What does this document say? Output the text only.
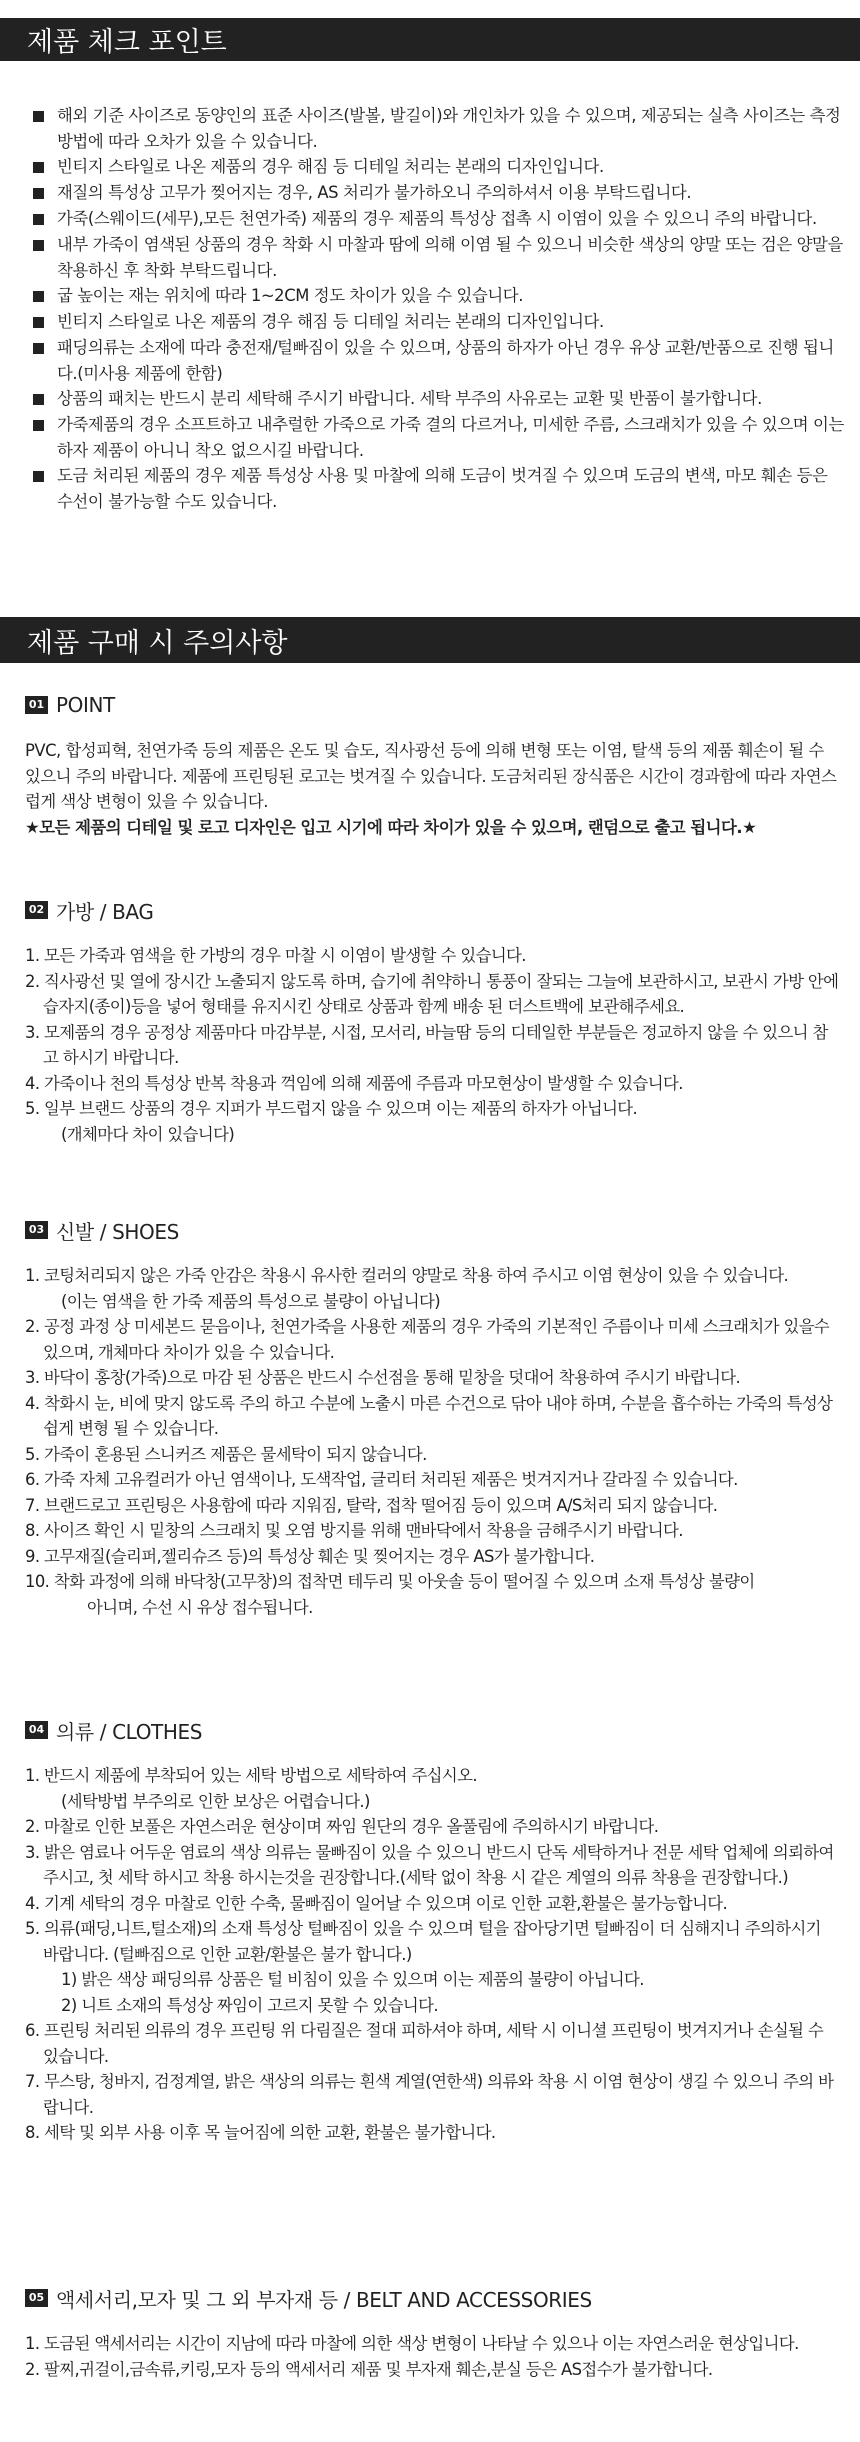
제품 체크 포인트
해외 기준 사이즈로 동양인의 표준 사이즈(발볼, 발길이)와 개인차가 있을 수 있으며, 제공되는 실측 사이즈는 측정 방법에 따라 오차가 있을 수 있습니다.
빈티지 스타일로 나온 제품의 경우 해짐 등 디테일 처리는 본래의 디자인입니다.
재질의 특성상 고무가 찢어지는 경우, AS 처리가 불가하오니 주의하셔서 이용 부탁드립니다.
가죽(스웨이드(세무),모든 천연가죽) 제품의 경우 제품의 특성상 접촉 시 이염이 있을 수 있으니 주의 바랍니다.
내부 가죽이 염색된 상품의 경우 착화 시 마찰과 땀에 의해 이염 될 수 있으니 비슷한 색상의 양말 또는 검은 양말을 착용하신 후 착화 부탁드립니다.
굽 높이는 재는 위치에 따라 1~2CM 정도 차이가 있을 수 있습니다.
빈티지 스타일로 나온 제품의 경우 해짐 등 디테일 처리는 본래의 디자인입니다.
패딩의류는 소재에 따라 충전재/털빠짐이 있을 수 있으며, 상품의 하자가 아닌 경우 유상 교환/반품으로 진행 됩니다.(미사용 제품에 한함)
상품의 패치는 반드시 분리 세탁해 주시기 바랍니다. 세탁 부주의 사유로는 교환 및 반품이 불가합니다.
가죽제품의 경우 소프트하고 내추럴한 가죽으로 가죽 결의 다르거나, 미세한 주름, 스크래치가 있을 수 있으며 이는 하자 제품이 아니니 착오 없으시길 바랍니다.
도금 처리된 제품의 경우 제품 특성상 사용 및 마찰에 의해 도금이 벗겨질 수 있으며 도금의 변색, 마모 훼손 등은 수선이 불가능할 수도 있습니다.
제품 구매 시 주의사항
01 POINT
PVC, 합성피혁, 천연가죽 등의 제품은 온도 및 습도, 직사광선 등에 의해 변형 또는 이염, 탈색 등의 제품 훼손이 될 수 있으니 주의 바랍니다. 제품에 프린팅된 로고는 벗겨질 수 있습니다. 도금처리된 장식품은 시간이 경과함에 따라 자연스럽게 색상 변형이 있을 수 있습니다.
★모든 제품의 디테일 및 로고 디자인은 입고 시기에 따라 차이가 있을 수 있으며, 랜덤으로 출고 됩니다.★
02 가방 / BAG
1. 모든 가죽과 염색을 한 가방의 경우 마찰 시 이염이 발생할 수 있습니다.
2. 직사광선 및 열에 장시간 노출되지 않도록 하며, 습기에 취약하니 통풍이 잘되는 그늘에 보관하시고, 보관시 가방 안에 습자지(종이)등을 넣어 형태를 유지시킨 상태로 상품과 함께 배송 된 더스트백에 보관해주세요.
3. 모제품의 경우 공정상 제품마다 마감부분, 시접, 모서리, 바늘땀 등의 디테일한 부분들은 정교하지 않을 수 있으니 참고 하시기 바랍니다.
4. 가죽이나 천의 특성상 반복 착용과 꺽임에 의해 제품에 주름과 마모현상이 발생할 수 있습니다.
5. 일부 브랜드 상품의 경우 지퍼가 부드럽지 않을 수 있으며 이는 제품의 하자가 아닙니다.
(개체마다 차이 있습니다)
03 신발 / SHOES
1. 코팅처리되지 않은 가죽 안감은 착용시 유사한 컬러의 양말로 착용 하여 주시고 이염 현상이 있을 수 있습니다.
(이는 염색을 한 가죽 제품의 특성으로 불량이 아닙니다)
2. 공정 과정 상 미세본드 묻음이나, 천연가죽을 사용한 제품의 경우 가죽의 기본적인 주름이나 미세 스크래치가 있을수 있으며, 개체마다 차이가 있을 수 있습니다.
3. 바닥이 홍창(가죽)으로 마감 된 상품은 반드시 수선점을 통해 밑창을 덧대어 착용하여 주시기 바랍니다.
4. 착화시 눈, 비에 맞지 않도록 주의 하고 수분에 노출시 마른 수건으로 닦아 내야 하며, 수분을 흡수하는 가죽의 특성상 쉽게 변형 될 수 있습니다.
5. 가죽이 혼용된 스니커즈 제품은 물세탁이 되지 않습니다.
6. 가죽 자체 고유컬러가 아닌 염색이나, 도색작업, 글리터 처리된 제품은 벗겨지거나 갈라질 수 있습니다.
7. 브랜드로고 프린팅은 사용함에 따라 지워짐, 탈락, 접착 떨어짐 등이 있으며 A/S처리 되지 않습니다.
8. 사이즈 확인 시 밑창의 스크래치 및 오염 방지를 위해 맨바닥에서 착용을 금해주시기 바랍니다.
9. 고무재질(슬리퍼,젤리슈즈 등)의 특성상 훼손 및 찢어지는 경우 AS가 불가합니다.
10. 착화 과정에 의해 바닥창(고무창)의 접착면 테두리 및 아웃솔 등이 떨어질 수 있으며 소재 특성상 불량이
아니며, 수선 시 유상 접수됩니다.
04 의류 / CLOTHES
1. 반드시 제품에 부착되어 있는 세탁 방법으로 세탁하여 주십시오.
(세탁방법 부주의로 인한 보상은 어렵습니다.)
2. 마찰로 인한 보풀은 자연스러운 현상이며 짜임 원단의 경우 올풀림에 주의하시기 바랍니다.
3. 밝은 염료나 어두운 염료의 색상 의류는 물빠짐이 있을 수 있으니 반드시 단독 세탁하거나 전문 세탁 업체에 의뢰하여 주시고, 첫 세탁 하시고 착용 하시는것을 권장합니다.(세탁 없이 착용 시 같은 계열의 의류 착용을 권장합니다.)
4. 기계 세탁의 경우 마찰로 인한 수축, 물빠짐이 일어날 수 있으며 이로 인한 교환,환불은 불가능합니다.
5. 의류(패딩,니트,털소재)의 소재 특성상 털빠짐이 있을 수 있으며 털을 잡아당기면 털빠짐이 더 심해지니 주의하시기 바랍니다. (털빠짐으로 인한 교환/환불은 불가 합니다.)
1) 밝은 색상 패딩의류 상품은 털 비침이 있을 수 있으며 이는 제품의 불량이 아닙니다.
2) 니트 소재의 특성상 짜임이 고르지 못할 수 있습니다.
6. 프린팅 처리된 의류의 경우 프린팅 위 다림질은 절대 피하셔야 하며, 세탁 시 이니셜 프린팅이 벗겨지거나 손실될 수 있습니다.
7. 무스탕, 청바지, 검정계열, 밝은 색상의 의류는 흰색 계열(연한색) 의류와 착용 시 이염 현상이 생길 수 있으니 주의 바랍니다.
8. 세탁 및 외부 사용 이후 목 늘어짐에 의한 교환, 환불은 불가합니다.
05 액세서리,모자 및 그 외 부자재 등 / BELT AND ACCESSORIES
1. 도금된 액세서리는 시간이 지남에 따라 마찰에 의한 색상 변형이 나타날 수 있으나 이는 자연스러운 현상입니다.
2. 팔찌,귀걸이,금속류,키링,모자 등의 액세서리 제품 및 부자재 훼손,분실 등은 AS접수가 불가합니다.
